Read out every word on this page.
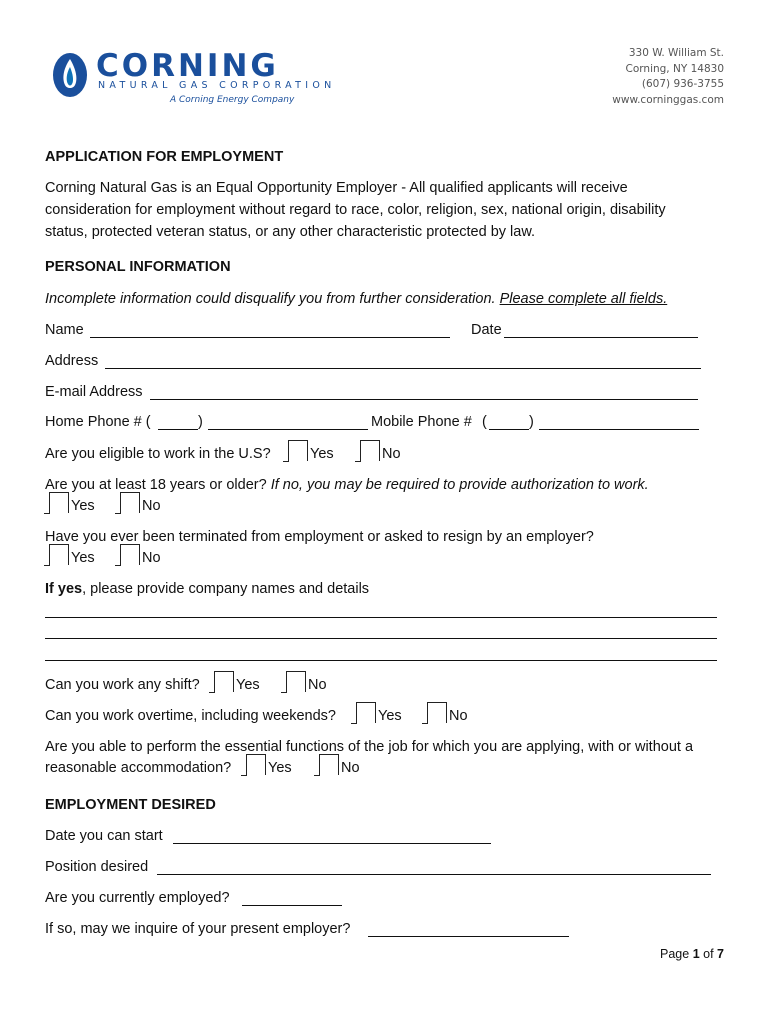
CORNING
NATURAL GAS CORPORATION
A Corning Energy Company
330 W. William St.
Corning, NY 14830
(607) 936-3755
www.corninggas.com
APPLICATION FOR EMPLOYMENT
Corning Natural Gas is an Equal Opportunity Employer - All qualified applicants will receive
consideration for employment without regard to race, color, religion, sex, national origin, disability
status, protected veteran status, or any other characteristic protected by law.
PERSONAL INFORMATION
Incomplete information could disqualify you from further consideration. Please complete all fields.
Name	Date
Address
E-mail Address
Home Phone # (	)	Mobile Phone # (	)
Are you eligible to work in the U.S?	Yes	No
Are you at least 18 years or older? If no, you may be required to provide authorization to work.
Yes	No
Have you ever been terminated from employment or asked to resign by an employer?
Yes	No
If yes, please provide company names and details
Can you work any shift?	Yes	No
Can you work overtime, including weekends?	Yes	No
Are you able to perform the essential functions of the job for which you are applying, with or without a
reasonable accommodation?	Yes	No
EMPLOYMENT DESIRED
Date you can start
Position desired
Are you currently employed?
If so, may we inquire of your present employer?
Page 1 of 7
